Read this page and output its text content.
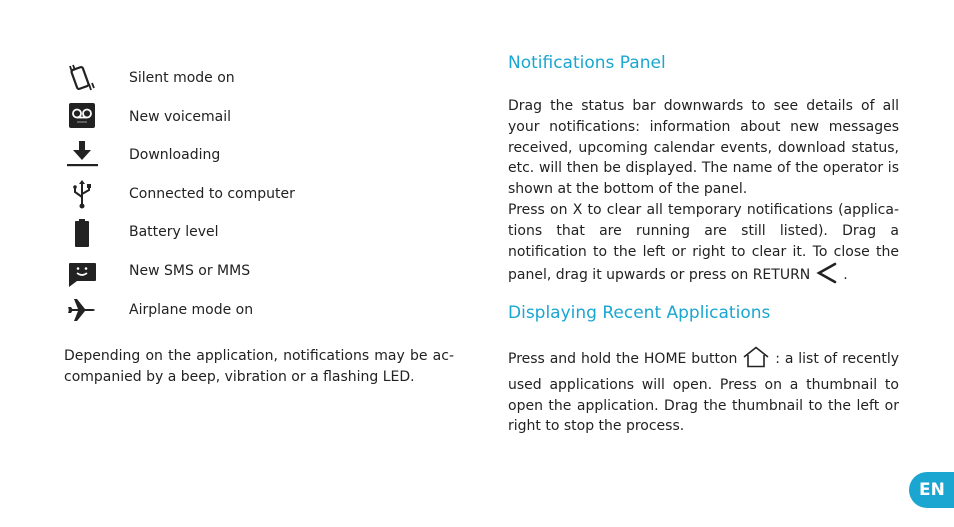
Silent mode on
New voicemail
Downloading
Connected to computer
Battery level
New SMS or MMS
Airplane mode on

Depending on the application, notifications may be accompanied by a beep, vibration or a flashing LED.

Notifications Panel

Drag the status bar downwards to see details of all your notifications: information about new messages received, upcoming calendar events, download status, etc. will then be displayed. The name of the operator is shown at the bottom of the panel.
Press on X to clear all temporary notifications (applications that are running are still listed). Drag a notification to the left or right to clear it. To close the panel, drag it upwards or press on RETURN .

Displaying Recent Applications

Press and hold the HOME button	: a list of recently used applications will open. Press on a thumbnail to open the application. Drag the thumbnail to the left or right to stop the process.

EN
